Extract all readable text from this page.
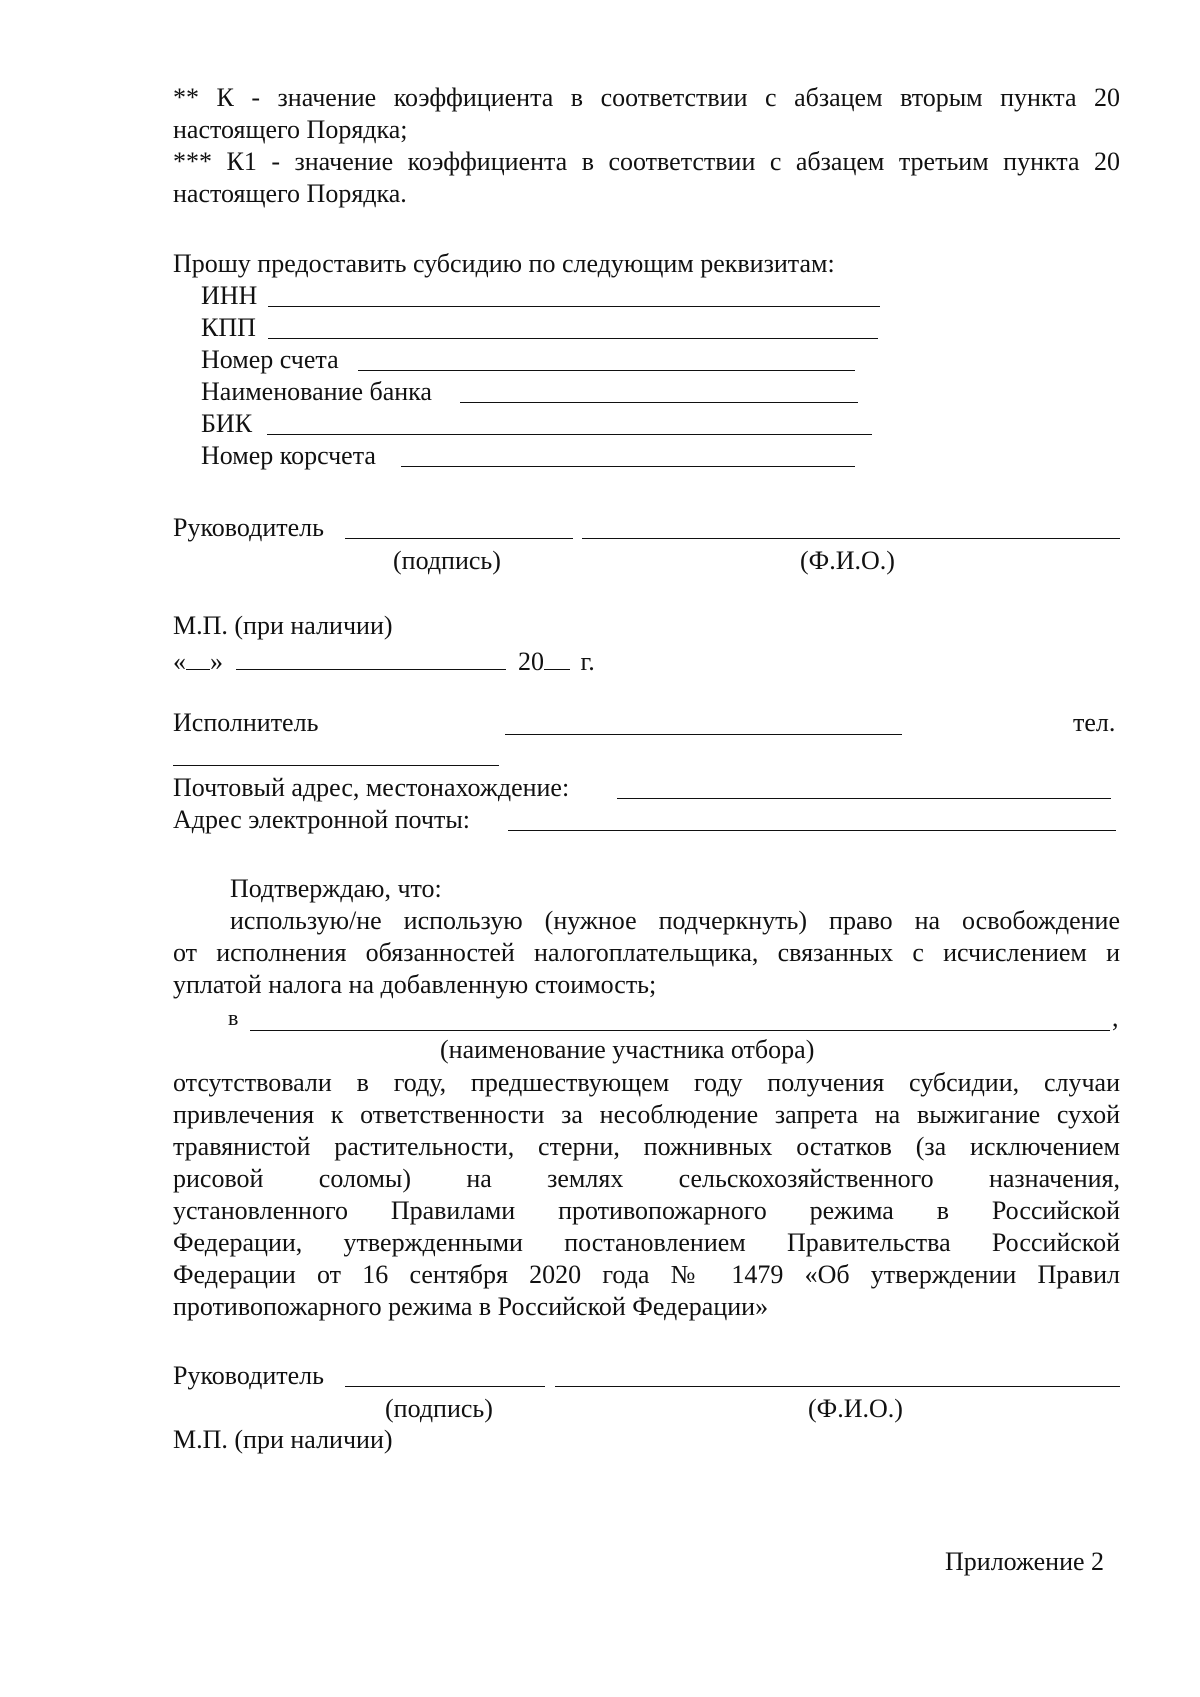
** К - значение коэффициента в соответствии с абзацем вторым пункта 20
настоящего Порядка;
*** К1 - значение коэффициента в соответствии с абзацем третьим пункта 20
настоящего Порядка.
Прошу предоставить субсидию по следующим реквизитам:
ИНН
КПП
Номер счета
Наименование банка
БИК
Номер корсчета
Руководитель
(подпись)	(Ф.И.О.)
М.П. (при наличии)
« »	20 г.
Исполнитель	тел.
Почтовый адрес, местонахождение:
Адрес электронной почты:
Подтверждаю, что:
использую/не использую (нужное подчеркнуть) право на освобождение
от исполнения обязанностей налогоплательщика, связанных с исчислением и
уплатой налога на добавленную стоимость;
в	,
(наименование участника отбора)
отсутствовали в году, предшествующем году получения субсидии, случаи
привлечения к ответственности за несоблюдение запрета на выжигание сухой
травянистой растительности, стерни, пожнивных остатков (за исключением
рисовой соломы) на землях сельскохозяйственного назначения,
установленного Правилами противопожарного режима в Российской
Федерации, утвержденными постановлением Правительства Российской
Федерации от 16 сентября 2020 года № 1479 «Об утверждении Правил
противопожарного режима в Российской Федерации»
Руководитель
(подпись)	(Ф.И.О.)
М.П. (при наличии)
Приложение 2
